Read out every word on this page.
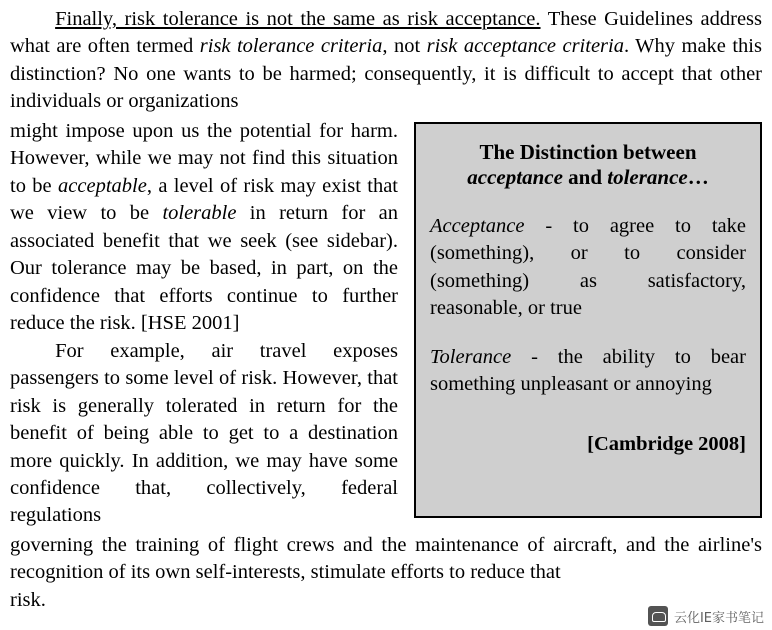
Finally, risk tolerance is not the same as risk acceptance. These Guidelines address what are often termed risk tolerance criteria, not risk acceptance criteria. Why make this distinction? No one wants to be harmed; consequently, it is difficult to accept that other individuals or organizations

The Distinction between
acceptance and tolerance…

Acceptance - to agree to take (something), or to consider (something) as satisfactory, reasonable, or true

Tolerance - the ability to bear something unpleasant or annoying

[Cambridge 2008]

might impose upon us the potential for harm. However, while we may not find this situation to be acceptable, a level of risk may exist that we view to be tolerable in return for an associated benefit that we seek (see sidebar). Our tolerance may be based, in part, on the confidence that efforts continue to further reduce the risk. [HSE 2001]

For example, air travel exposes passengers to some level of risk. However, that risk is generally tolerated in return for the benefit of being able to get to a destination more quickly. In addition, we may have some confidence that, collectively, federal regulations

governing the training of flight crews and the maintenance of aircraft, and the airline's recognition of its own self-interests, stimulate efforts to reduce that
risk.
云化IE家书笔记
